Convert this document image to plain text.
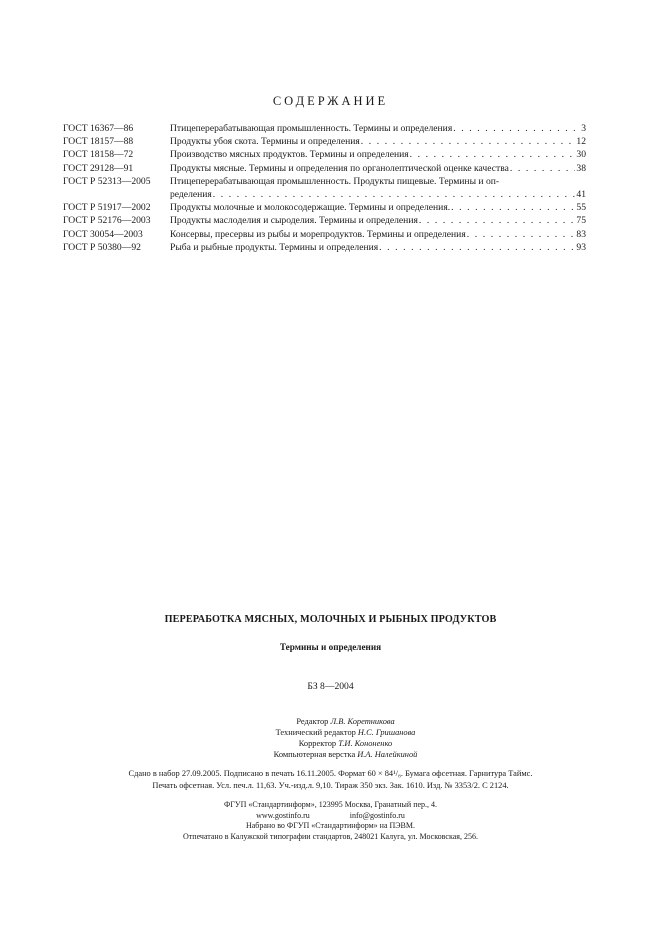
СОДЕРЖАНИЕ
ГОСТ 16367—86	Птицеперерабатывающая промышленность. Термины и определения . . .	3
ГОСТ 18157—88	Продукты убоя скота. Термины и определения . . .	12
ГОСТ 18158—72	Производство мясных продуктов. Термины и определения . . .	30
ГОСТ 29128—91	Продукты мясные. Термины и определения по органолептической оценке качества . . .	38
ГОСТ Р 52313—2005	Птицеперерабатывающая промышленность. Продукты пищевые. Термины и оп-
ределения . . .	41
ГОСТ Р 51917—2002	Продукты молочные и молокосодержащие. Термины и определения. . . .	55
ГОСТ Р 52176—2003	Продукты маслоделия и сыроделия. Термины и определения . . .	75
ГОСТ 30054—2003	Консервы, пресервы из рыбы и морепродуктов. Термины и определения . . .	83
ГОСТ Р 50380—92	Рыба и рыбные продукты. Термины и определения . . .	93
ПЕРЕРАБОТКА МЯСНЫХ, МОЛОЧНЫХ И РЫБНЫХ ПРОДУКТОВ
Термины и определения
БЗ 8—2004
Редактор Л.В. Коретникова
Технический редактор Н.С. Гришанова
Корректор Т.И. Кононенко
Компьютерная верстка И.А. Налейкиной
Сдано в набор 27.09.2005. Подписано в печать 16.11.2005. Формат 60 × 84¹/₈. Бумага офсетная. Гарнитура Таймс.
Печать офсетная. Усл. печ.л. 11,63. Уч.-изд.л. 9,10. Тираж 350 экз. Зак. 1610. Изд. № 3353/2. С 2124.
ФГУП «Стандартинформ», 123995 Москва, Гранатный пер., 4.
www.gostinfo.ru	info@gostinfo.ru
Набрано во ФГУП «Стандартинформ» на ПЭВМ.
Отпечатано в Калужской типографии стандартов, 248021 Калуга, ул. Московская, 256.
